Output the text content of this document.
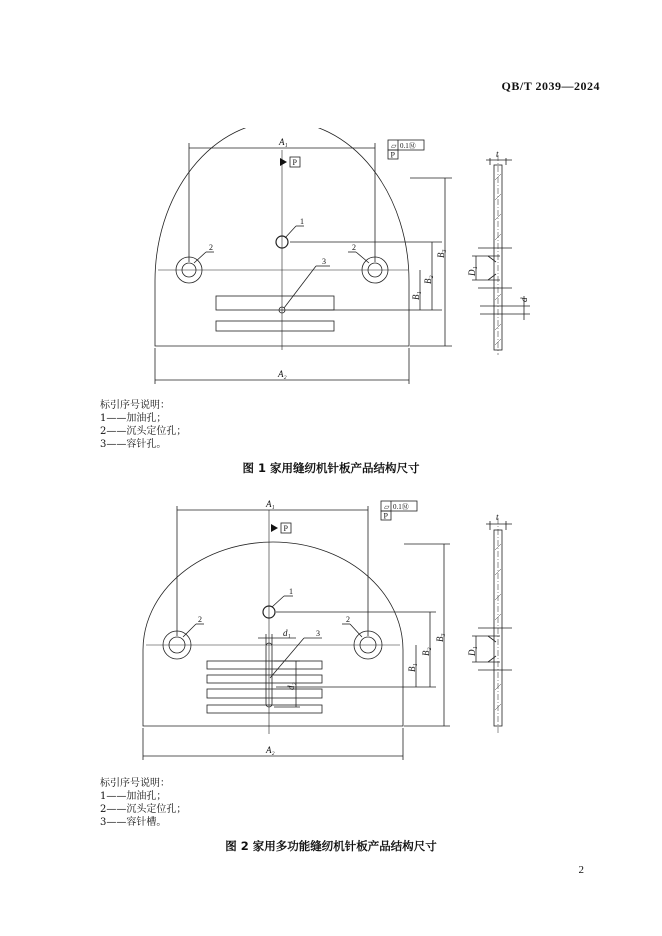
QB/T 2039—2024
A₁
A₂
B₁
B₂
B₃
D₁
d
t
P
P
0.1Ⓜ
1
2	2
3
⏥
标引序号说明：
1——加油孔；
2——沉头定位孔；
3——容针孔。
图 1 家用缝纫机针板产品结构尺寸
A₁
A₂
B₁
B₂
B₃
D₁
d₁
d₂
t
P
P
0.1Ⓜ
1
2	2
3
⏥
标引序号说明：
1——加油孔；
2——沉头定位孔；
3——容针槽。
图 2 家用多功能缝纫机针板产品结构尺寸
2
